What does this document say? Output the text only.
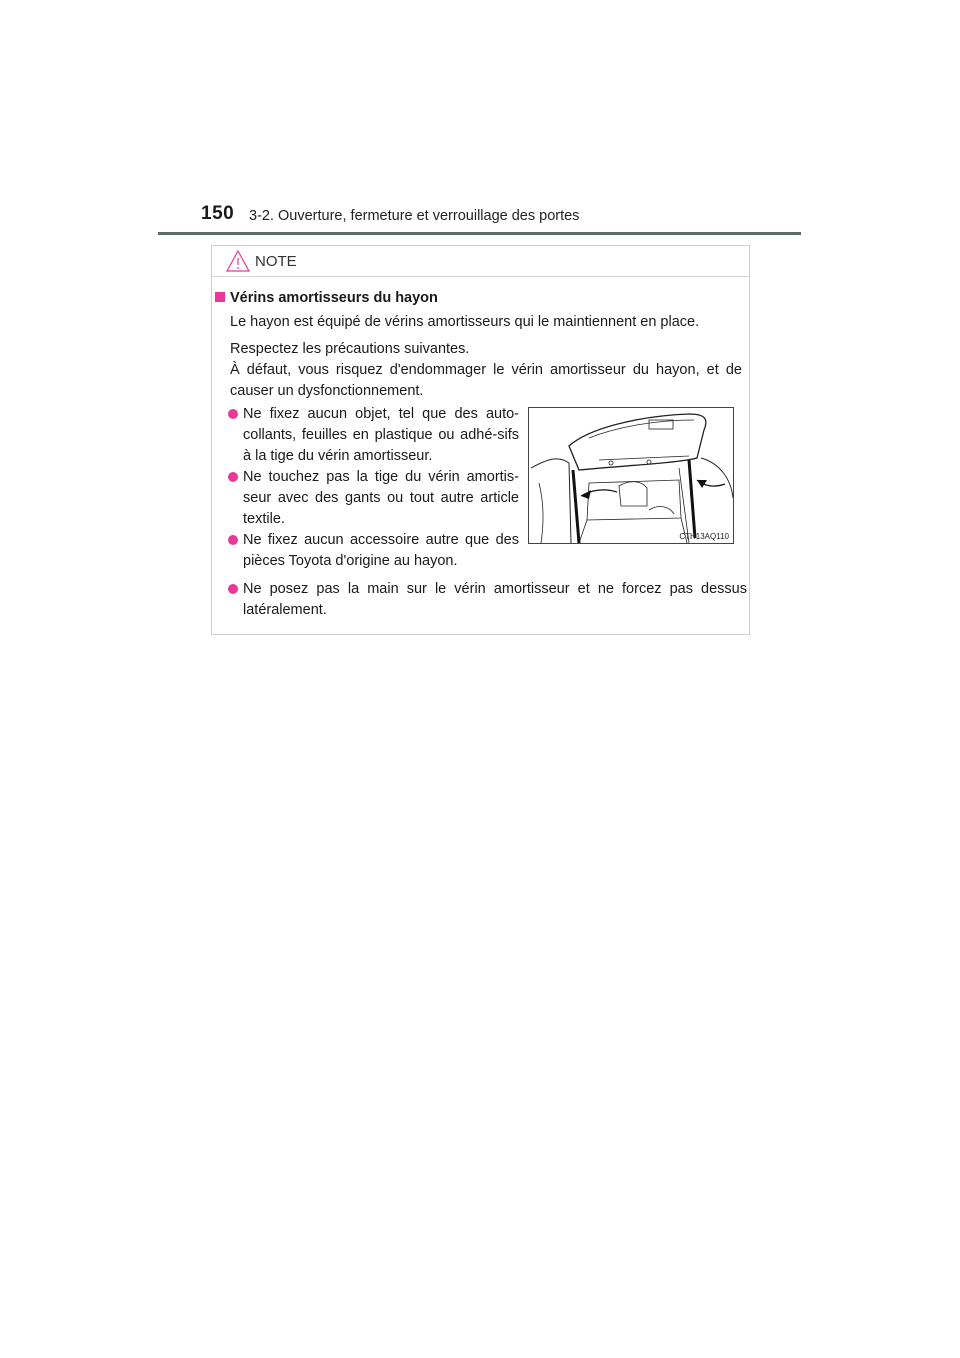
150 3-2. Ouverture, fermeture et verrouillage des portes
NOTE
Vérins amortisseurs du hayon
Le hayon est équipé de vérins amortisseurs qui le maintiennent en place.
Respectez les précautions suivantes.
À défaut, vous risquez d'endommager le vérin amortisseur du hayon, et de causer un dysfonctionnement.
Ne fixez aucun objet, tel que des auto-collants, feuilles en plastique ou adhé-sifs à la tige du vérin amortisseur.
Ne touchez pas la tige du vérin amortis-seur avec des gants ou tout autre article textile.
Ne fixez aucun accessoire autre que des pièces Toyota d'origine au hayon.
Ne posez pas la main sur le vérin amortisseur et ne forcez pas dessus latéralement.
CTH13AQ110
